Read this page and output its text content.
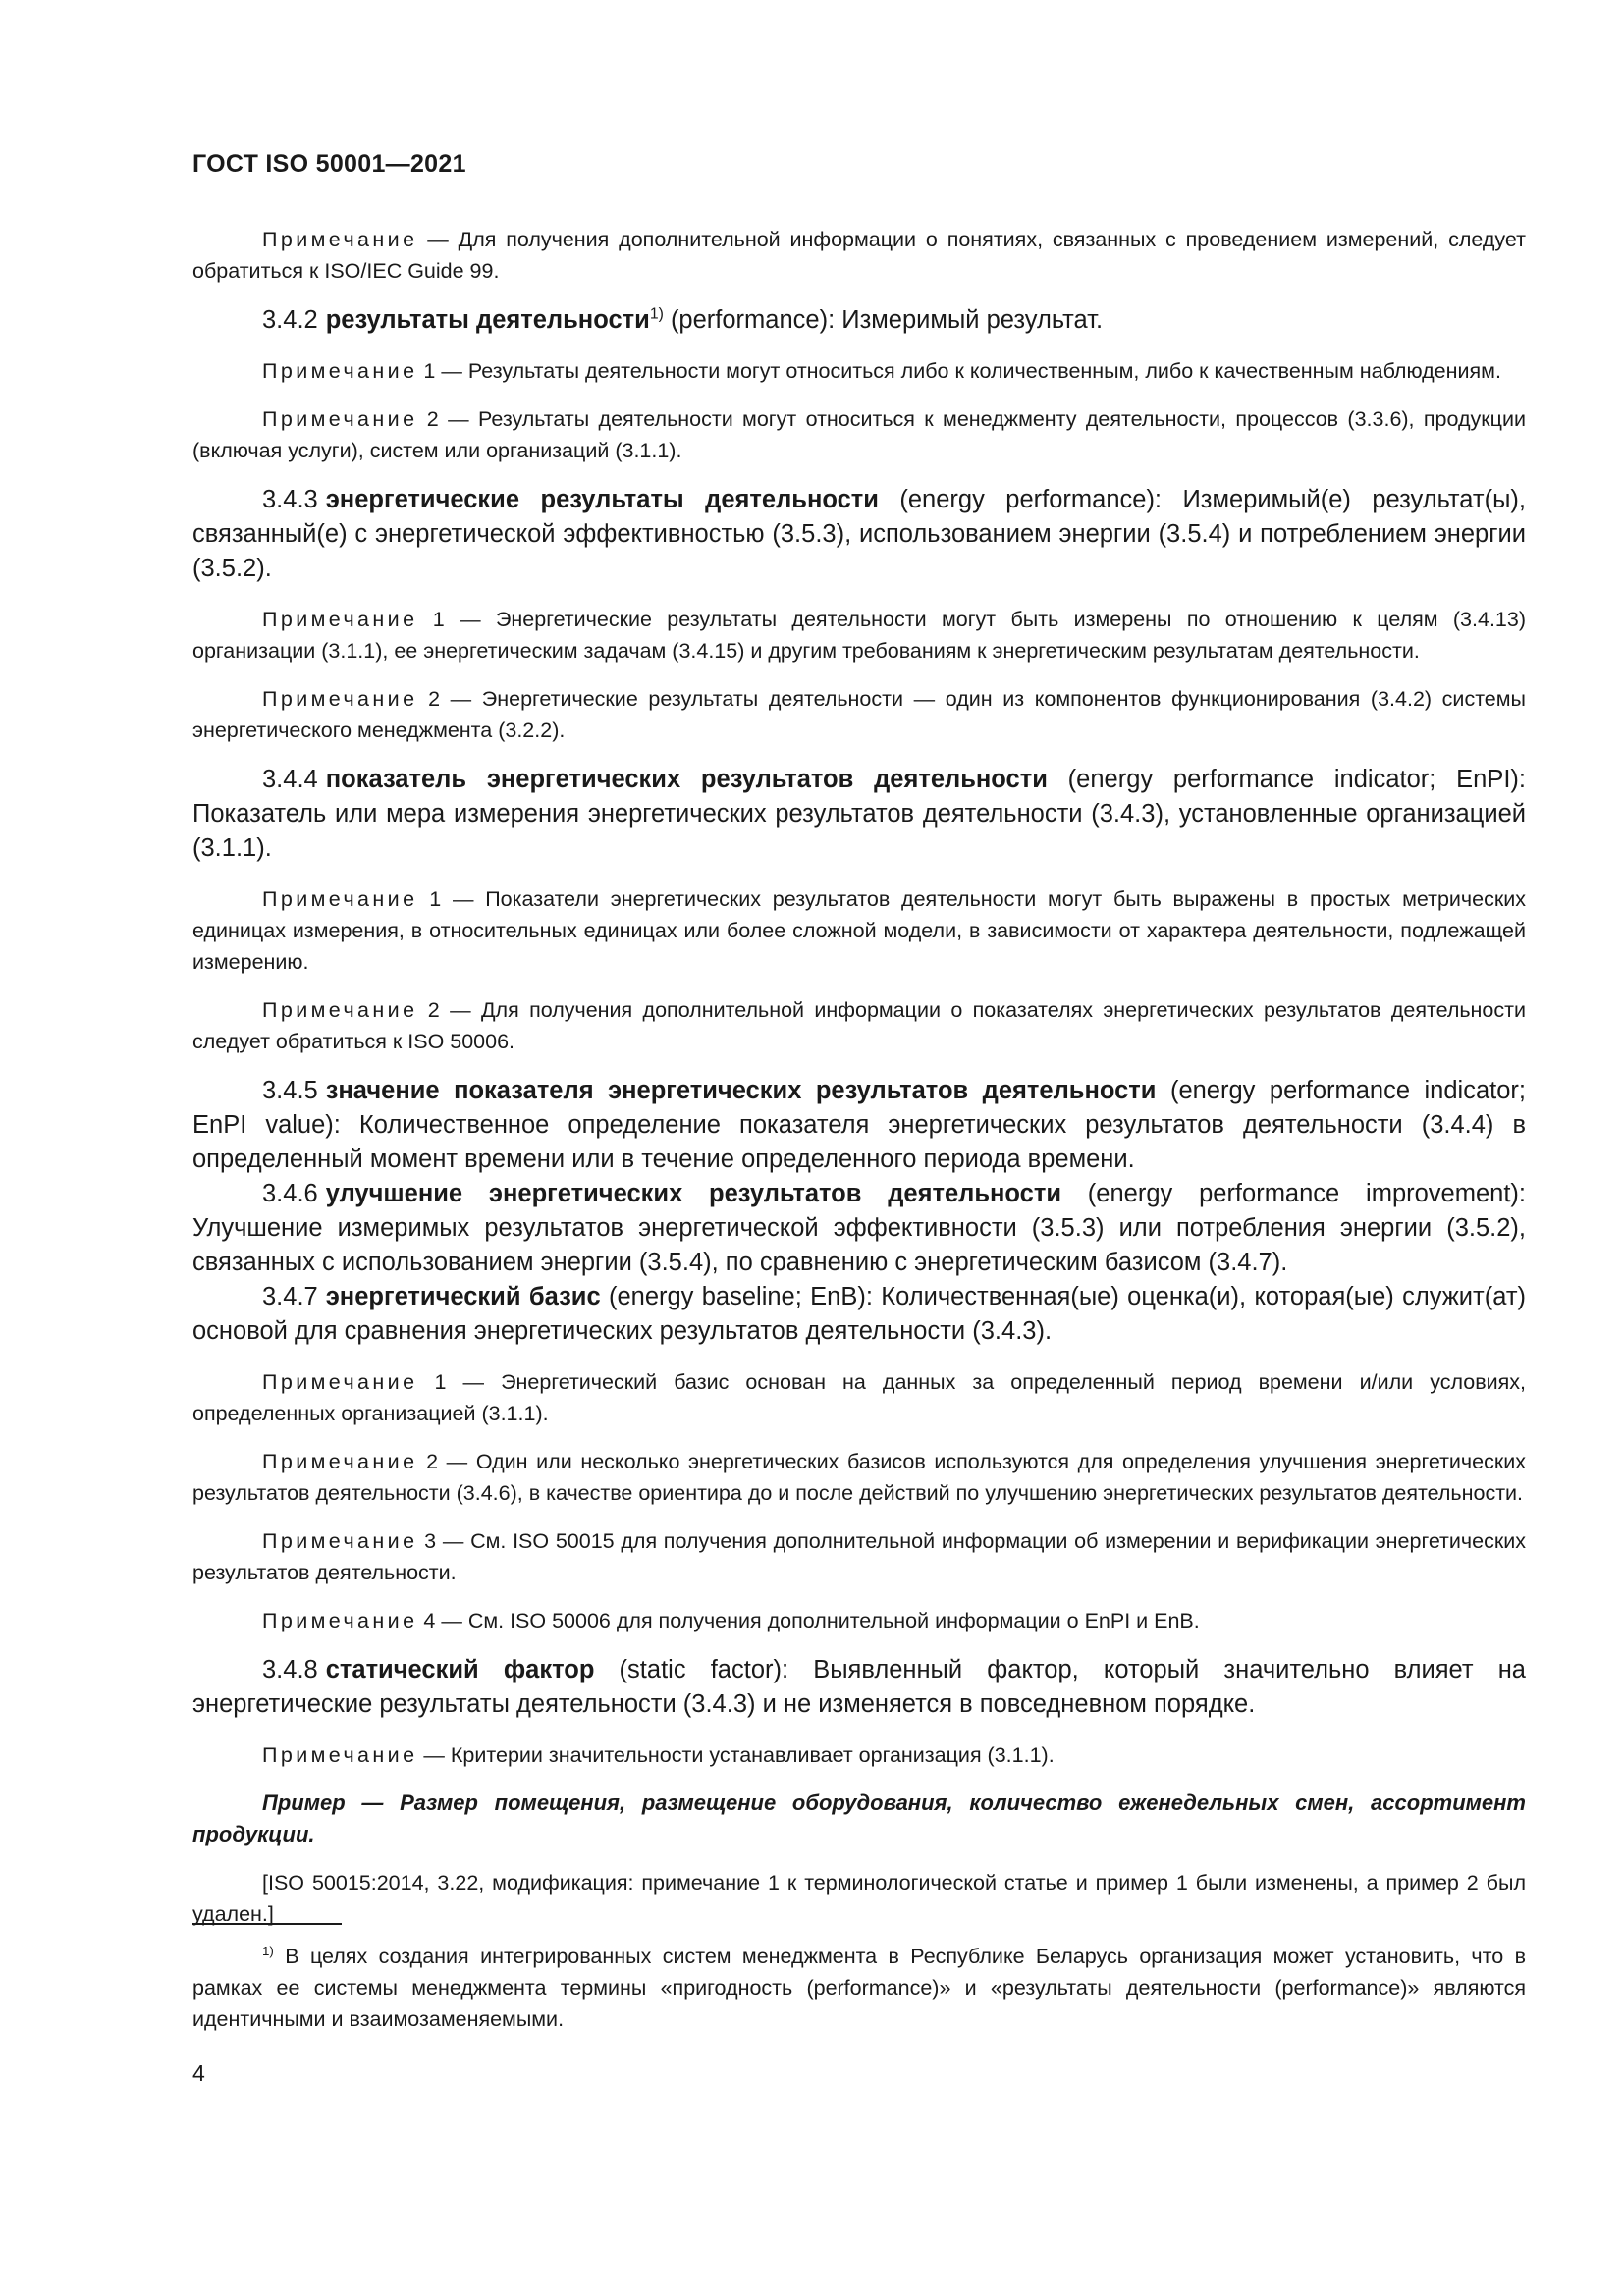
ГОСТ ISO 50001—2021

Примечание — Для получения дополнительной информации о понятиях, связанных с проведением измерений, следует обратиться к ISO/IEC Guide 99.

3.4.2 результаты деятельности$^{1)}$ (performance): Измеримый результат.

Примечание 1 — Результаты деятельности могут относиться либо к количественным, либо к качественным наблюдениям.

Примечание 2 — Результаты деятельности могут относиться к менеджменту деятельности, процессов (3.3.6), продукции (включая услуги), систем или организаций (3.1.1).

3.4.3 энергетические результаты деятельности (energy performance): Измеримый(е) результат(ы), связанный(е) с энергетической эффективностью (3.5.3), использованием энергии (3.5.4) и потреблением энергии (3.5.2).

Примечание 1 — Энергетические результаты деятельности могут быть измерены по отношению к целям (3.4.13) организации (3.1.1), ее энергетическим задачам (3.4.15) и другим требованиям к энергетическим результатам деятельности.

Примечание 2 — Энергетические результаты деятельности — один из компонентов функционирования (3.4.2) системы энергетического менеджмента (3.2.2).

3.4.4 показатель энергетических результатов деятельности (energy performance indicator; EnPI): Показатель или мера измерения энергетических результатов деятельности (3.4.3), установленные организацией (3.1.1).

Примечание 1 — Показатели энергетических результатов деятельности могут быть выражены в простых метрических единицах измерения, в относительных единицах или более сложной модели, в зависимости от характера деятельности, подлежащей измерению.

Примечание 2 — Для получения дополнительной информации о показателях энергетических результатов деятельности следует обратиться к ISO 50006.

3.4.5 значение показателя энергетических результатов деятельности (energy performance indicator; EnPI value): Количественное определение показателя энергетических результатов деятельности (3.4.4) в определенный момент времени или в течение определенного периода времени.

3.4.6 улучшение энергетических результатов деятельности (energy performance improvement): Улучшение измеримых результатов энергетической эффективности (3.5.3) или потребления энергии (3.5.2), связанных с использованием энергии (3.5.4), по сравнению с энергетическим базисом (3.4.7).

3.4.7 энергетический базис (energy baseline; EnB): Количественная(ые) оценка(и), которая(ые) служит(ат) основой для сравнения энергетических результатов деятельности (3.4.3).

Примечание 1 — Энергетический базис основан на данных за определенный период времени и/или условиях, определенных организацией (3.1.1).

Примечание 2 — Один или несколько энергетических базисов используются для определения улучшения энергетических результатов деятельности (3.4.6), в качестве ориентира до и после действий по улучшению энергетических результатов деятельности.

Примечание 3 — См. ISO 50015 для получения дополнительной информации об измерении и верификации энергетических результатов деятельности.

Примечание 4 — См. ISO 50006 для получения дополнительной информации о EnPI и EnB.

3.4.8 статический фактор (static factor): Выявленный фактор, который значительно влияет на энергетические результаты деятельности (3.4.3) и не изменяется в повседневном порядке.

Примечание — Критерии значительности устанавливает организация (3.1.1).

Пример — Размер помещения, размещение оборудования, количество еженедельных смен, ассортимент продукции.

[ISO 50015:2014, 3.22, модификация: примечание 1 к терминологической статье и пример 1 были изменены, а пример 2 был удален.]

$^{1)}$ В целях создания интегрированных систем менеджмента в Республике Беларусь организация может установить, что в рамках ее системы менеджмента термины «пригодность (performance)» и «результаты деятельности (performance)» являются идентичными и взаимозаменяемыми.

4
